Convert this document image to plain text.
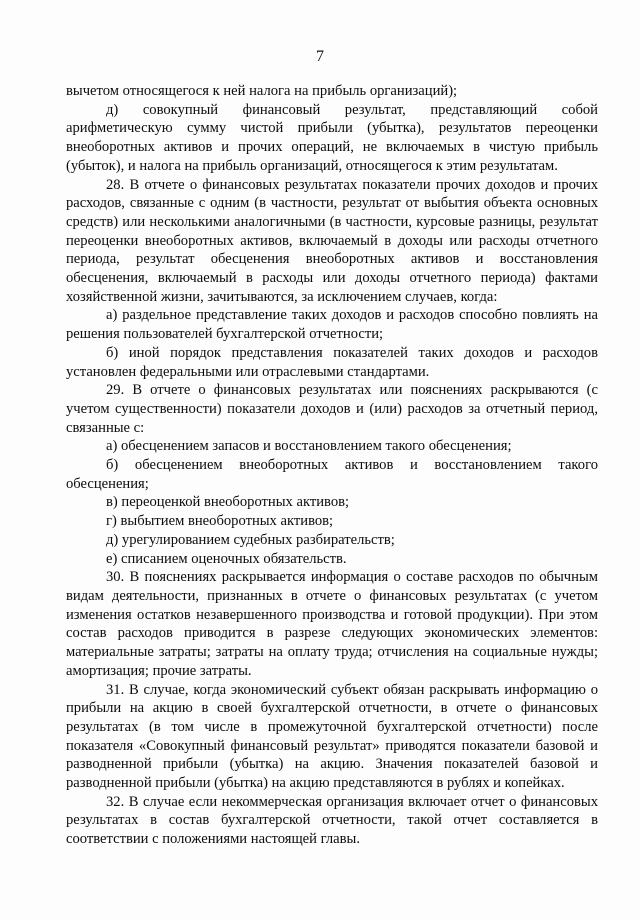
7

вычетом относящегося к ней налога на прибыль организаций);

д) совокупный финансовый результат, представляющий собой арифметическую сумму чистой прибыли (убытка), результатов переоценки внеоборотных активов и прочих операций, не включаемых в чистую прибыль (убыток), и налога на прибыль организаций, относящегося к этим результатам.

28. В отчете о финансовых результатах показатели прочих доходов и прочих расходов, связанные с одним (в частности, результат от выбытия объекта основных средств) или несколькими аналогичными (в частности, курсовые разницы, результат переоценки внеоборотных активов, включаемый в доходы или расходы отчетного периода, результат обесценения внеоборотных активов и восстановления обесценения, включаемый в расходы или доходы отчетного периода) фактами хозяйственной жизни, зачитываются, за исключением случаев, когда:

а) раздельное представление таких доходов и расходов способно повлиять на решения пользователей бухгалтерской отчетности;

б) иной порядок представления показателей таких доходов и расходов установлен федеральными или отраслевыми стандартами.

29. В отчете о финансовых результатах или пояснениях раскрываются (с учетом существенности) показатели доходов и (или) расходов за отчетный период, связанные с:

а) обесценением запасов и восстановлением такого обесценения;

б) обесценением внеоборотных активов и восстановлением такого обесценения;

в) переоценкой внеоборотных активов;

г) выбытием внеоборотных активов;

д) урегулированием судебных разбирательств;

е) списанием оценочных обязательств.

30. В пояснениях раскрывается информация о составе расходов по обычным видам деятельности, признанных в отчете о финансовых результатах (с учетом изменения остатков незавершенного производства и готовой продукции). При этом состав расходов приводится в разрезе следующих экономических элементов: материальные затраты; затраты на оплату труда; отчисления на социальные нужды; амортизация; прочие затраты.

31. В случае, когда экономический субъект обязан раскрывать информацию о прибыли на акцию в своей бухгалтерской отчетности, в отчете о финансовых результатах (в том числе в промежуточной бухгалтерской отчетности) после показателя «Совокупный финансовый результат» приводятся показатели базовой и разводненной прибыли (убытка) на акцию. Значения показателей базовой и разводненной прибыли (убытка) на акцию представляются в рублях и копейках.

32. В случае если некоммерческая организация включает отчет о финансовых результатах в состав бухгалтерской отчетности, такой отчет составляется в соответствии с положениями настоящей главы.
